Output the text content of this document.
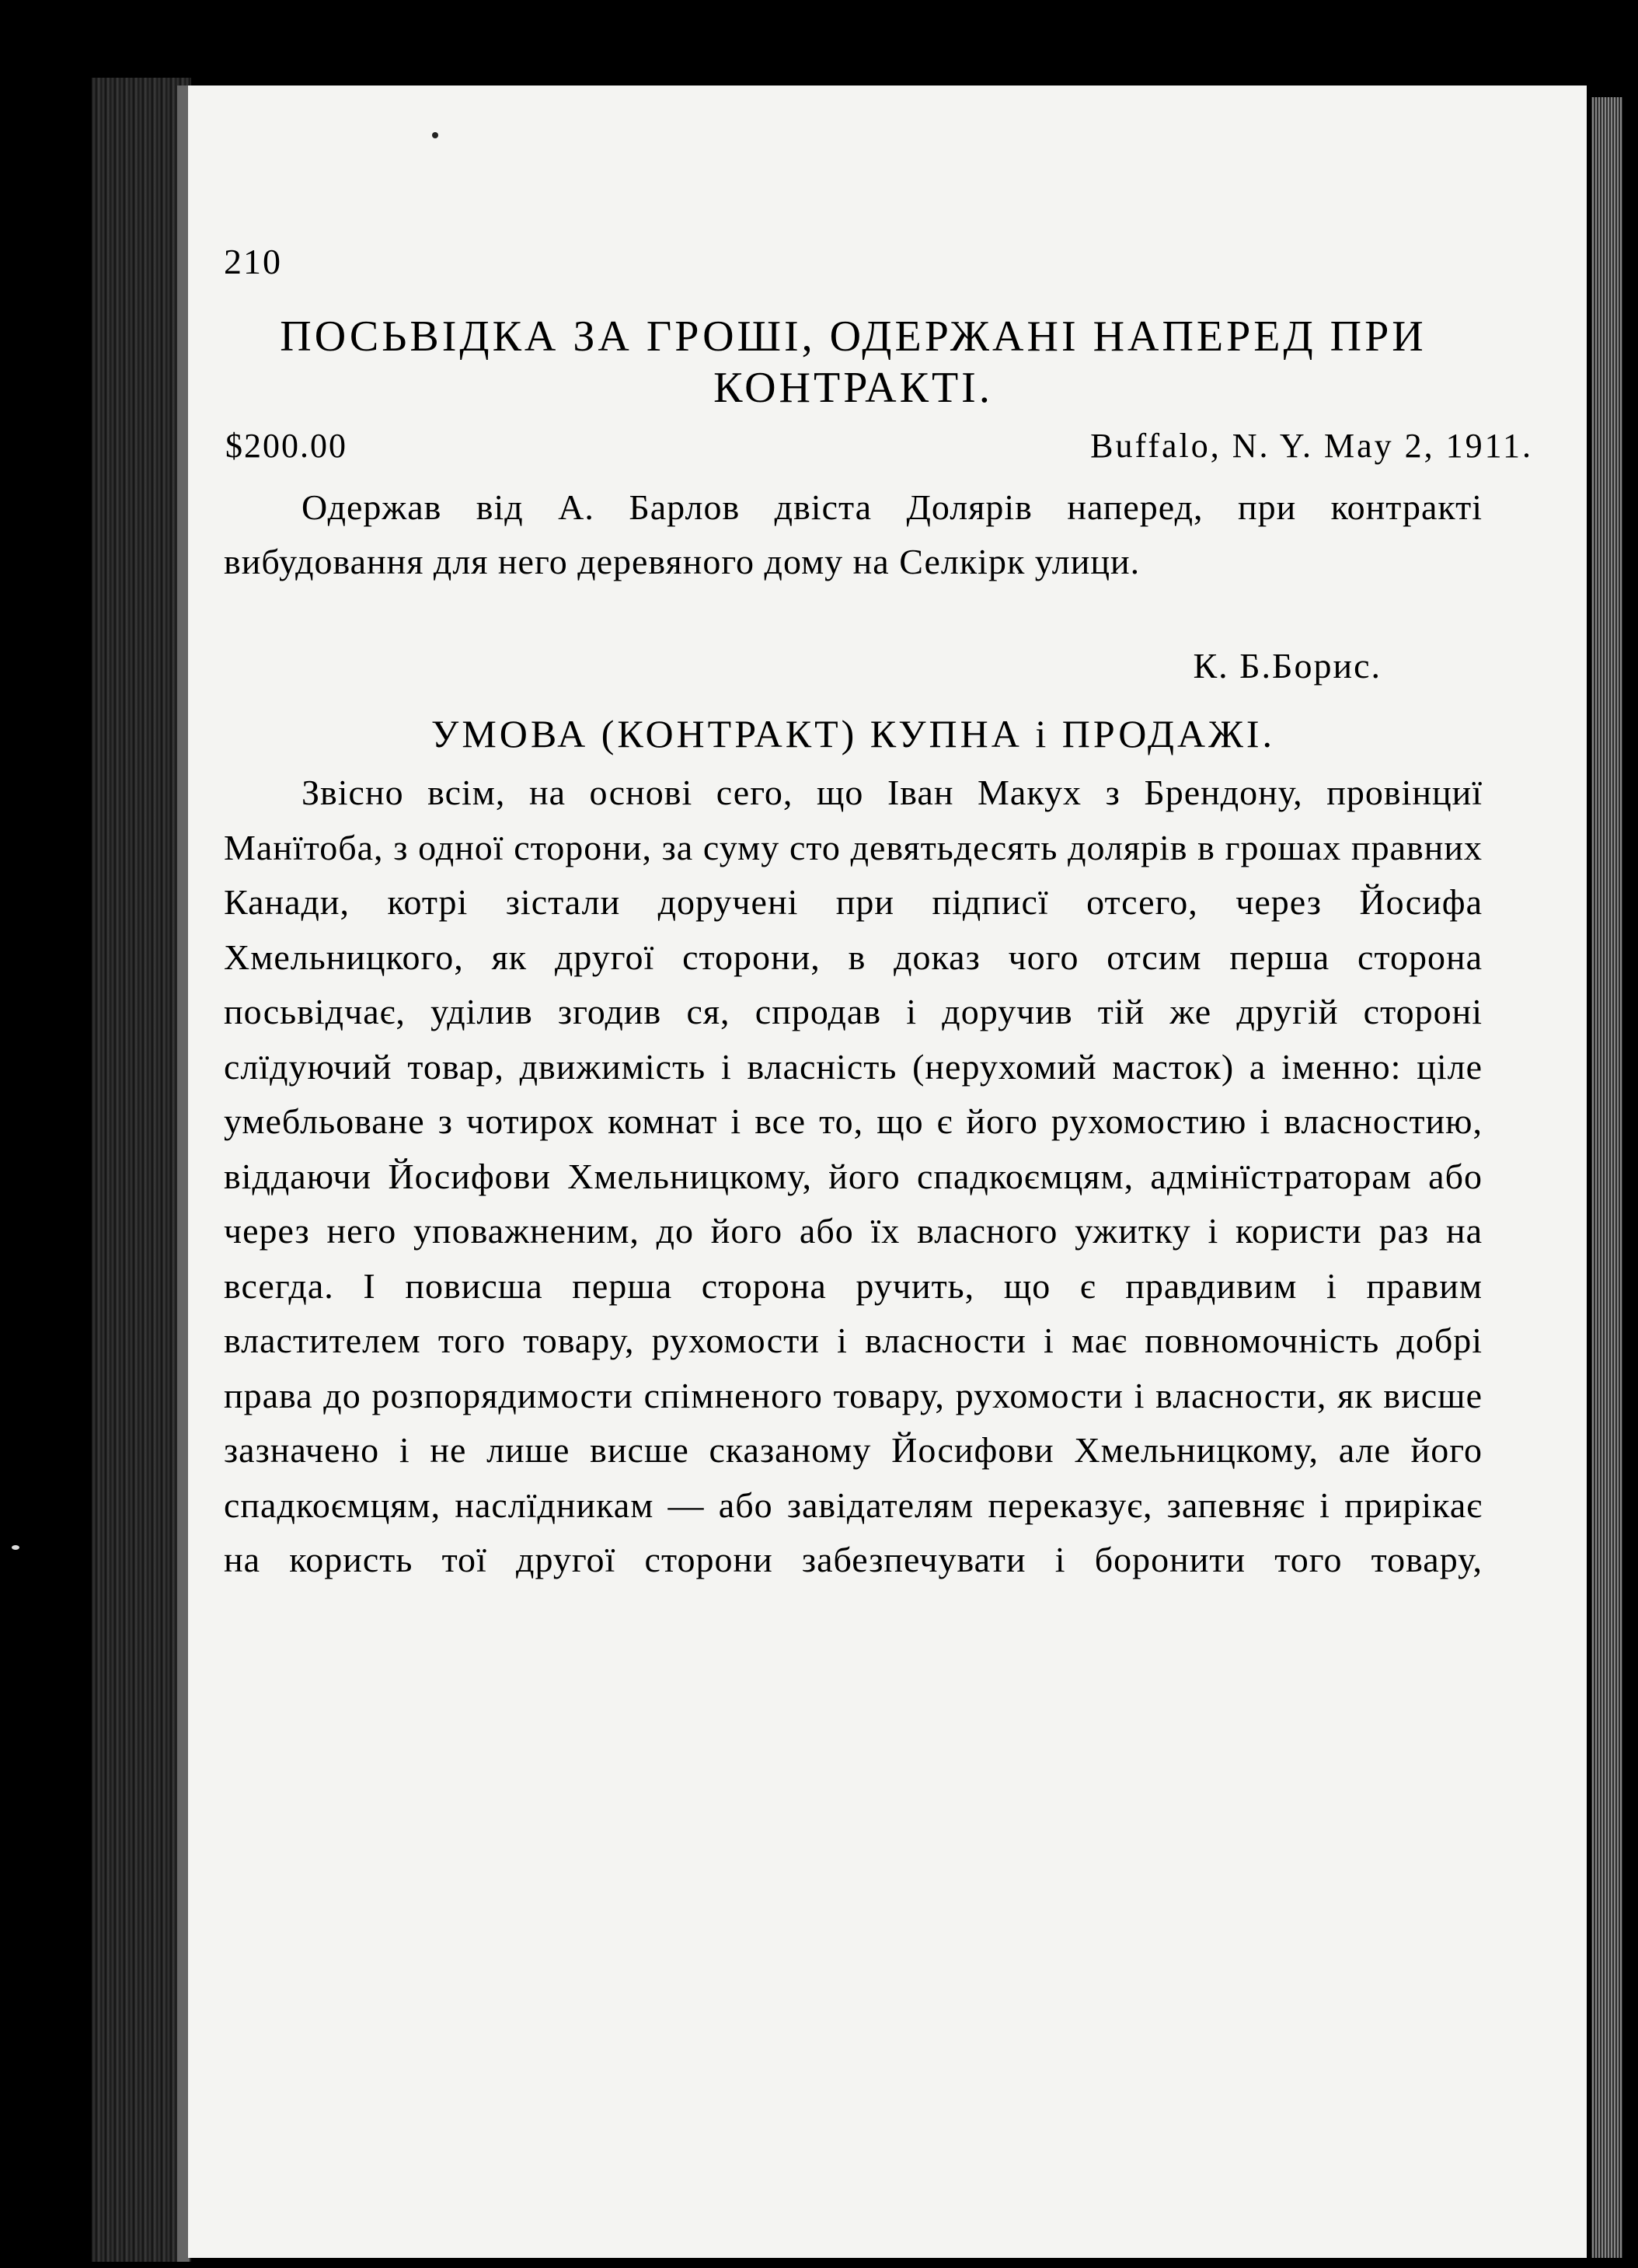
210
ПОСЬВІДКА ЗА ГРОШІ, ОДЕРЖАНІ НАПЕРЕД ПРИ КОНТРАКТІ.
$200.00	Buffalo, N. Y. May 2, 1911.
Одержав від А. Барлов двіста Долярів наперед, при контракті вибудовання для него деревяного дому на Селкірк улици.
К. Б.Борис.
УМОВА (КОНТРАКТ) КУПНА і ПРОДАЖІ.
Звісно всім, на основі сего, що Іван Макух з Брендону, провінциї Манїтоба, з одної сторони, за суму сто девятьдесять долярів в грошах правних Канади, котрі зістали доручені при підписї отсего, через Йосифа Хмельницкого, як другої сторони, в доказ чого отсим перша сторона посьвідчає, уділив згодив ся, спродав і доручив тій же другій стороні слїдуючий товар, движимість і власність (нерухомий масток) а іменно: ціле умебльоване з чотирох комнат і все то, що є його рухомостию і власностию, віддаючи Йосифови Хмельницкому, його спадкоємцям, адмінїстраторам або через него уповажненим, до його або їх власного ужитку і користи раз на всегда. І повисша перша сторона ручить, що є правдивим і правим властителем того товару, рухомости і власности і має повномочність добрі права до розпорядимости спімненого товару, рухомости і власности, як висше зазначено і не лише висше сказаному Йосифови Хмельницкому, але його спадкоємцям, наслїдникам — або завідателям переказує, запевняє і прирікає на користь тої другої сторони забезпечувати і боронити того товару,
